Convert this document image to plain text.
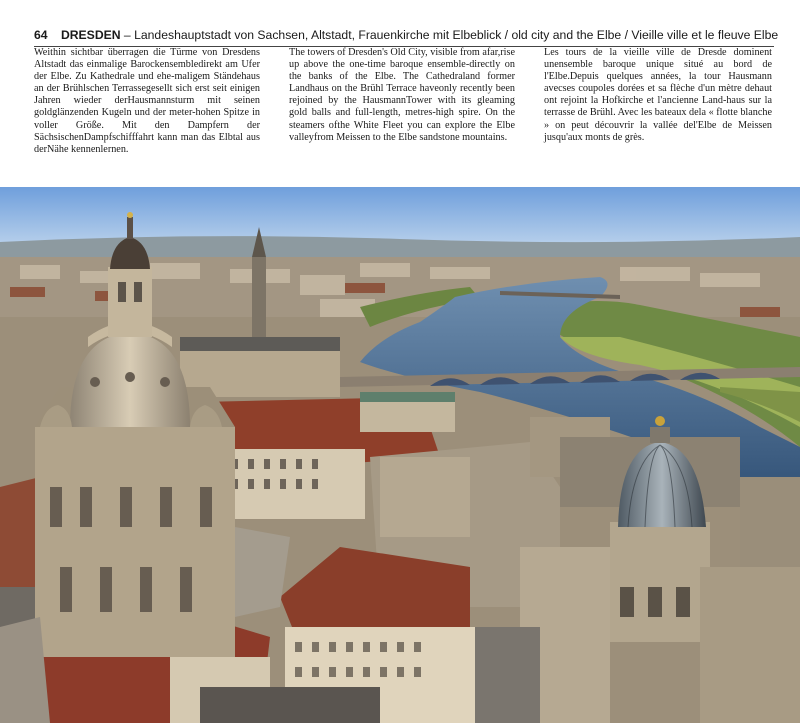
64 DRESDEN – Landeshauptstadt von Sachsen, Altstadt, Frauenkirche mit Elbeblick / old city and the Elbe / Vieille ville et le fleuve Elbe
Weithin sichtbar überragen die Türme von Dresdens Altstadt das einmalige Barockensembledirekt am Ufer der Elbe. Zu Kathedrale und ehe-maligem Ständehaus an der Brühlschen Terrassegesellt sich erst seit einigen Jahren wieder derHausmannsturm mit seinen goldglänzenden Kugeln und der meter-hohen Spitze in voller Größe. Mit den Dampfern der SächsischenDampfschifffahrt kann man das Elbtal aus derNähe kennenlernen.
The towers of Dresden's Old City, visible from afar,rise up above the one-time baroque ensemble-directly on the banks of the Elbe. The Cathedraland former Landhaus on the Brühl Terrace haveonly recently been rejoined by the HausmannTower with its gleaming gold balls and full-length, metres-high spire. On the steamers ofthe White Fleet you can explore the Elbe valleyfrom Meissen to the Elbe sandstone mountains.
Les tours de la vieille ville de Dresde dominent unensemble baroque unique situé au bord de l'Elbe.Depuis quelques années, la tour Hausmann avecses coupoles dorées et sa flèche d'un mètre dehaut ont rejoint la Hofkirche et l'ancienne Land-haus sur la terrasse de Brühl. Avec les bateaux dela « flotte blanche » on peut découvrir la vallée del'Elbe de Meissen jusqu'aux monts de grès.
